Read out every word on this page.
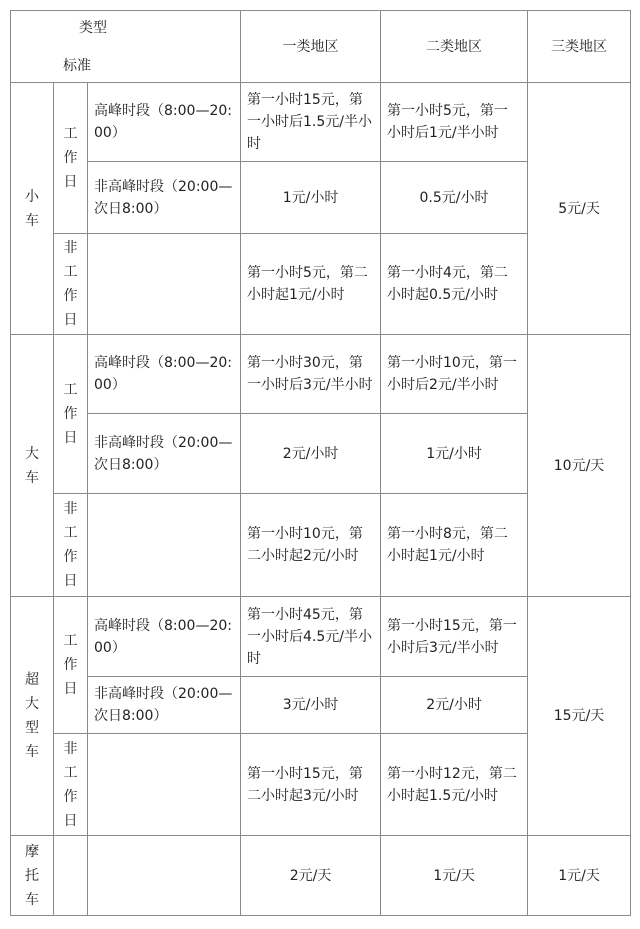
类型
标准			一类地区	二类地区	三类地区
小车	工作日	高峰时段（8:00—20:00）	第一小时15元，第一小时后1.5元/半小时	第一小时5元，第一小时后1元/半小时	5元/天
		非高峰时段（20:00—次日8:00）	1元/小时	0.5元/小时	
	非工作日		第一小时5元，第二小时起1元/小时	第一小时4元，第二小时起0.5元/小时	

大车	工作日	高峰时段（8:00—20:00）	第一小时30元，第一小时后3元/半小时	第一小时10元，第一小时后2元/半小时	10元/天
		非高峰时段（20:00—次日8:00）	2元/小时	1元/小时	
	非工作日		第一小时10元，第二小时起2元/小时	第一小时8元，第二小时起1元/小时	

超大型车	工作日	高峰时段（8:00—20:00）	第一小时45元，第一小时后4.5元/半小时	第一小时15元，第一小时后3元/半小时	15元/天
		非高峰时段（20:00—次日8:00）	3元/小时	2元/小时	
	非工作日		第一小时15元，第二小时起3元/小时	第一小时12元，第二小时起1.5元/小时	

摩托车			2元/天	1元/天	1元/天
